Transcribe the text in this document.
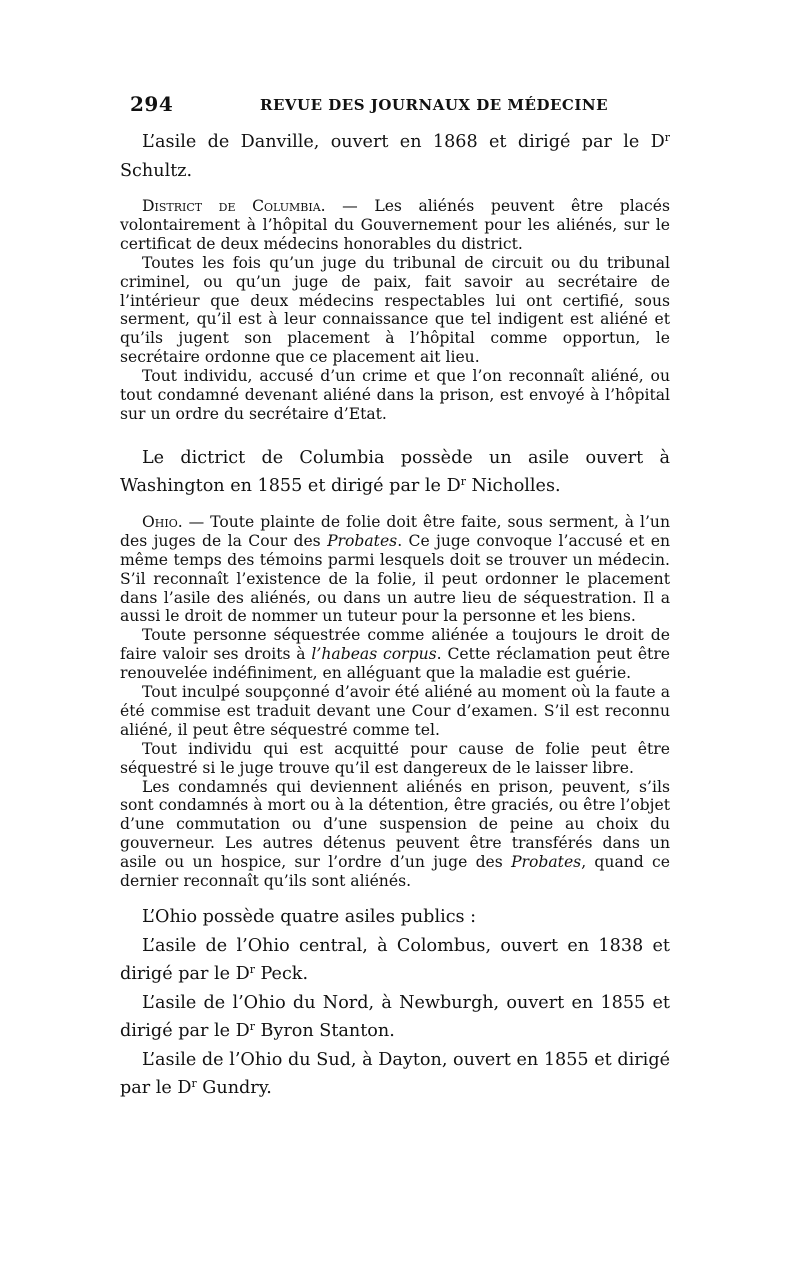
294	REVUE DES JOURNAUX DE MÉDECINE

L’asile de Danville, ouvert en 1868 et dirigé par le $D^r$ Schultz.

District de Columbia. — Les aliénés peuvent être placés volontairement à l’hôpital du Gouvernement pour les aliénés, sur le certificat de deux médecins honorables du district.

Toutes les fois qu’un juge du tribunal de circuit ou du tribunal criminel, ou qu’un juge de paix, fait savoir au secrétaire de l’intérieur que deux médecins respectables lui ont certifié, sous serment, qu’il est à leur connaissance que tel indigent est aliéné et qu’ils jugent son placement à l’hôpital comme opportun, le secrétaire ordonne que ce placement ait lieu.

Tout individu, accusé d’un crime et que l’on reconnaît aliéné, ou tout condamné devenant aliéné dans la prison, est envoyé à l’hôpital sur un ordre du secrétaire d’Etat.

Le dictrict de Columbia possède un asile ouvert à Washington en 1855 et dirigé par le $D^r$ Nicholles.

Ohio. — Toute plainte de folie doit être faite, sous serment, à l’un des juges de la Cour des Probates. Ce juge convoque l’accusé et en même temps des témoins parmi lesquels doit se trouver un médecin. S’il reconnaît l’existence de la folie, il peut ordonner le placement dans l’asile des aliénés, ou dans un autre lieu de séquestration. Il a aussi le droit de nommer un tuteur pour la personne et les biens.

Toute personne séquestrée comme aliénée a toujours le droit de faire valoir ses droits à l’habeas corpus. Cette réclamation peut être renouvelée indéfiniment, en alléguant que la maladie est guérie.

Tout inculpé soupçonné d’avoir été aliéné au moment où la faute a été commise est traduit devant une Cour d’examen. S’il est reconnu aliéné, il peut être séquestré comme tel.

Tout individu qui est acquitté pour cause de folie peut être séquestré si le juge trouve qu’il est dangereux de le laisser libre.

Les condamnés qui deviennent aliénés en prison, peuvent, s’ils sont condamnés à mort ou à la détention, être graciés, ou être l’objet d’une commutation ou d’une suspension de peine au choix du gouverneur. Les autres détenus peuvent être transférés dans un asile ou un hospice, sur l’ordre d’un juge des Probates, quand ce dernier reconnaît qu’ils sont aliénés.

L’Ohio possède quatre asiles publics :

L’asile de l’Ohio central, à Colombus, ouvert en 1838 et dirigé par le $D^r$ Peck.

L’asile de l’Ohio du Nord, à Newburgh, ouvert en 1855 et dirigé par le $D^r$ Byron Stanton.

L’asile de l’Ohio du Sud, à Dayton, ouvert en 1855 et dirigé par le $D^r$ Gundry.
